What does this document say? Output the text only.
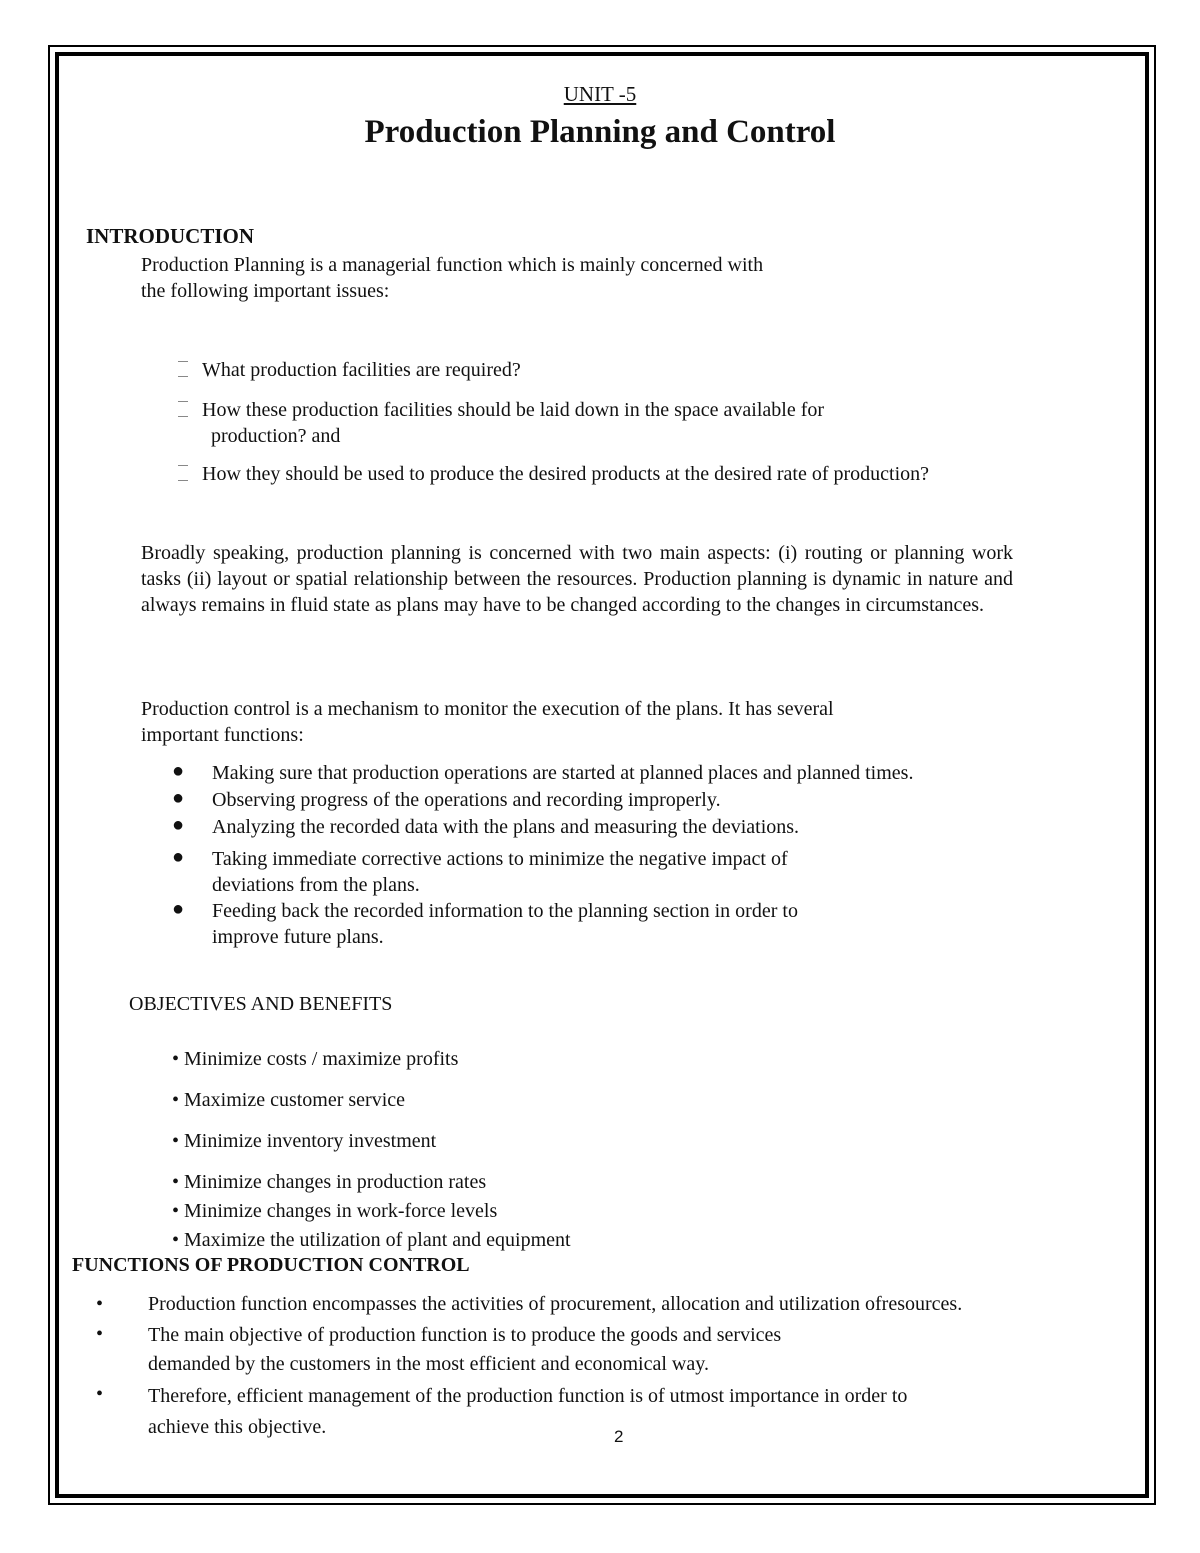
UNIT -5
Production Planning and Control
INTRODUCTION
Production Planning is a managerial function which is mainly concerned with
the following important issues:
What production facilities are required?
How these production facilities should be laid down in the space available for
production? and
How they should be used to produce the desired products at the desired rate of production?
Broadly speaking, production planning is concerned with two main aspects: (i) routing or planning work tasks (ii) layout or spatial relationship between the resources. Production planning is dynamic in nature and always remains in fluid state as plans may have to be changed according to the changes in circumstances.
Production control is a mechanism to monitor the execution of the plans. It has several
important functions:
● Making sure that production operations are started at planned places and planned times.
● Observing progress of the operations and recording improperly.
● Analyzing the recorded data with the plans and measuring the deviations.
● Taking immediate corrective actions to minimize the negative impact of
deviations from the plans.
● Feeding back the recorded information to the planning section in order to
improve future plans.
OBJECTIVES AND BENEFITS
• Minimize costs / maximize profits
• Maximize customer service
• Minimize inventory investment
• Minimize changes in production rates
• Minimize changes in work-force levels
• Maximize the utilization of plant and equipment
FUNCTIONS OF PRODUCTION CONTROL
• Production function encompasses the activities of procurement, allocation and utilization ofresources.
• The main objective of production function is to produce the goods and services
demanded by the customers in the most efficient and economical way.
• Therefore, efficient management of the production function is of utmost importance in order to
achieve this objective.	2
